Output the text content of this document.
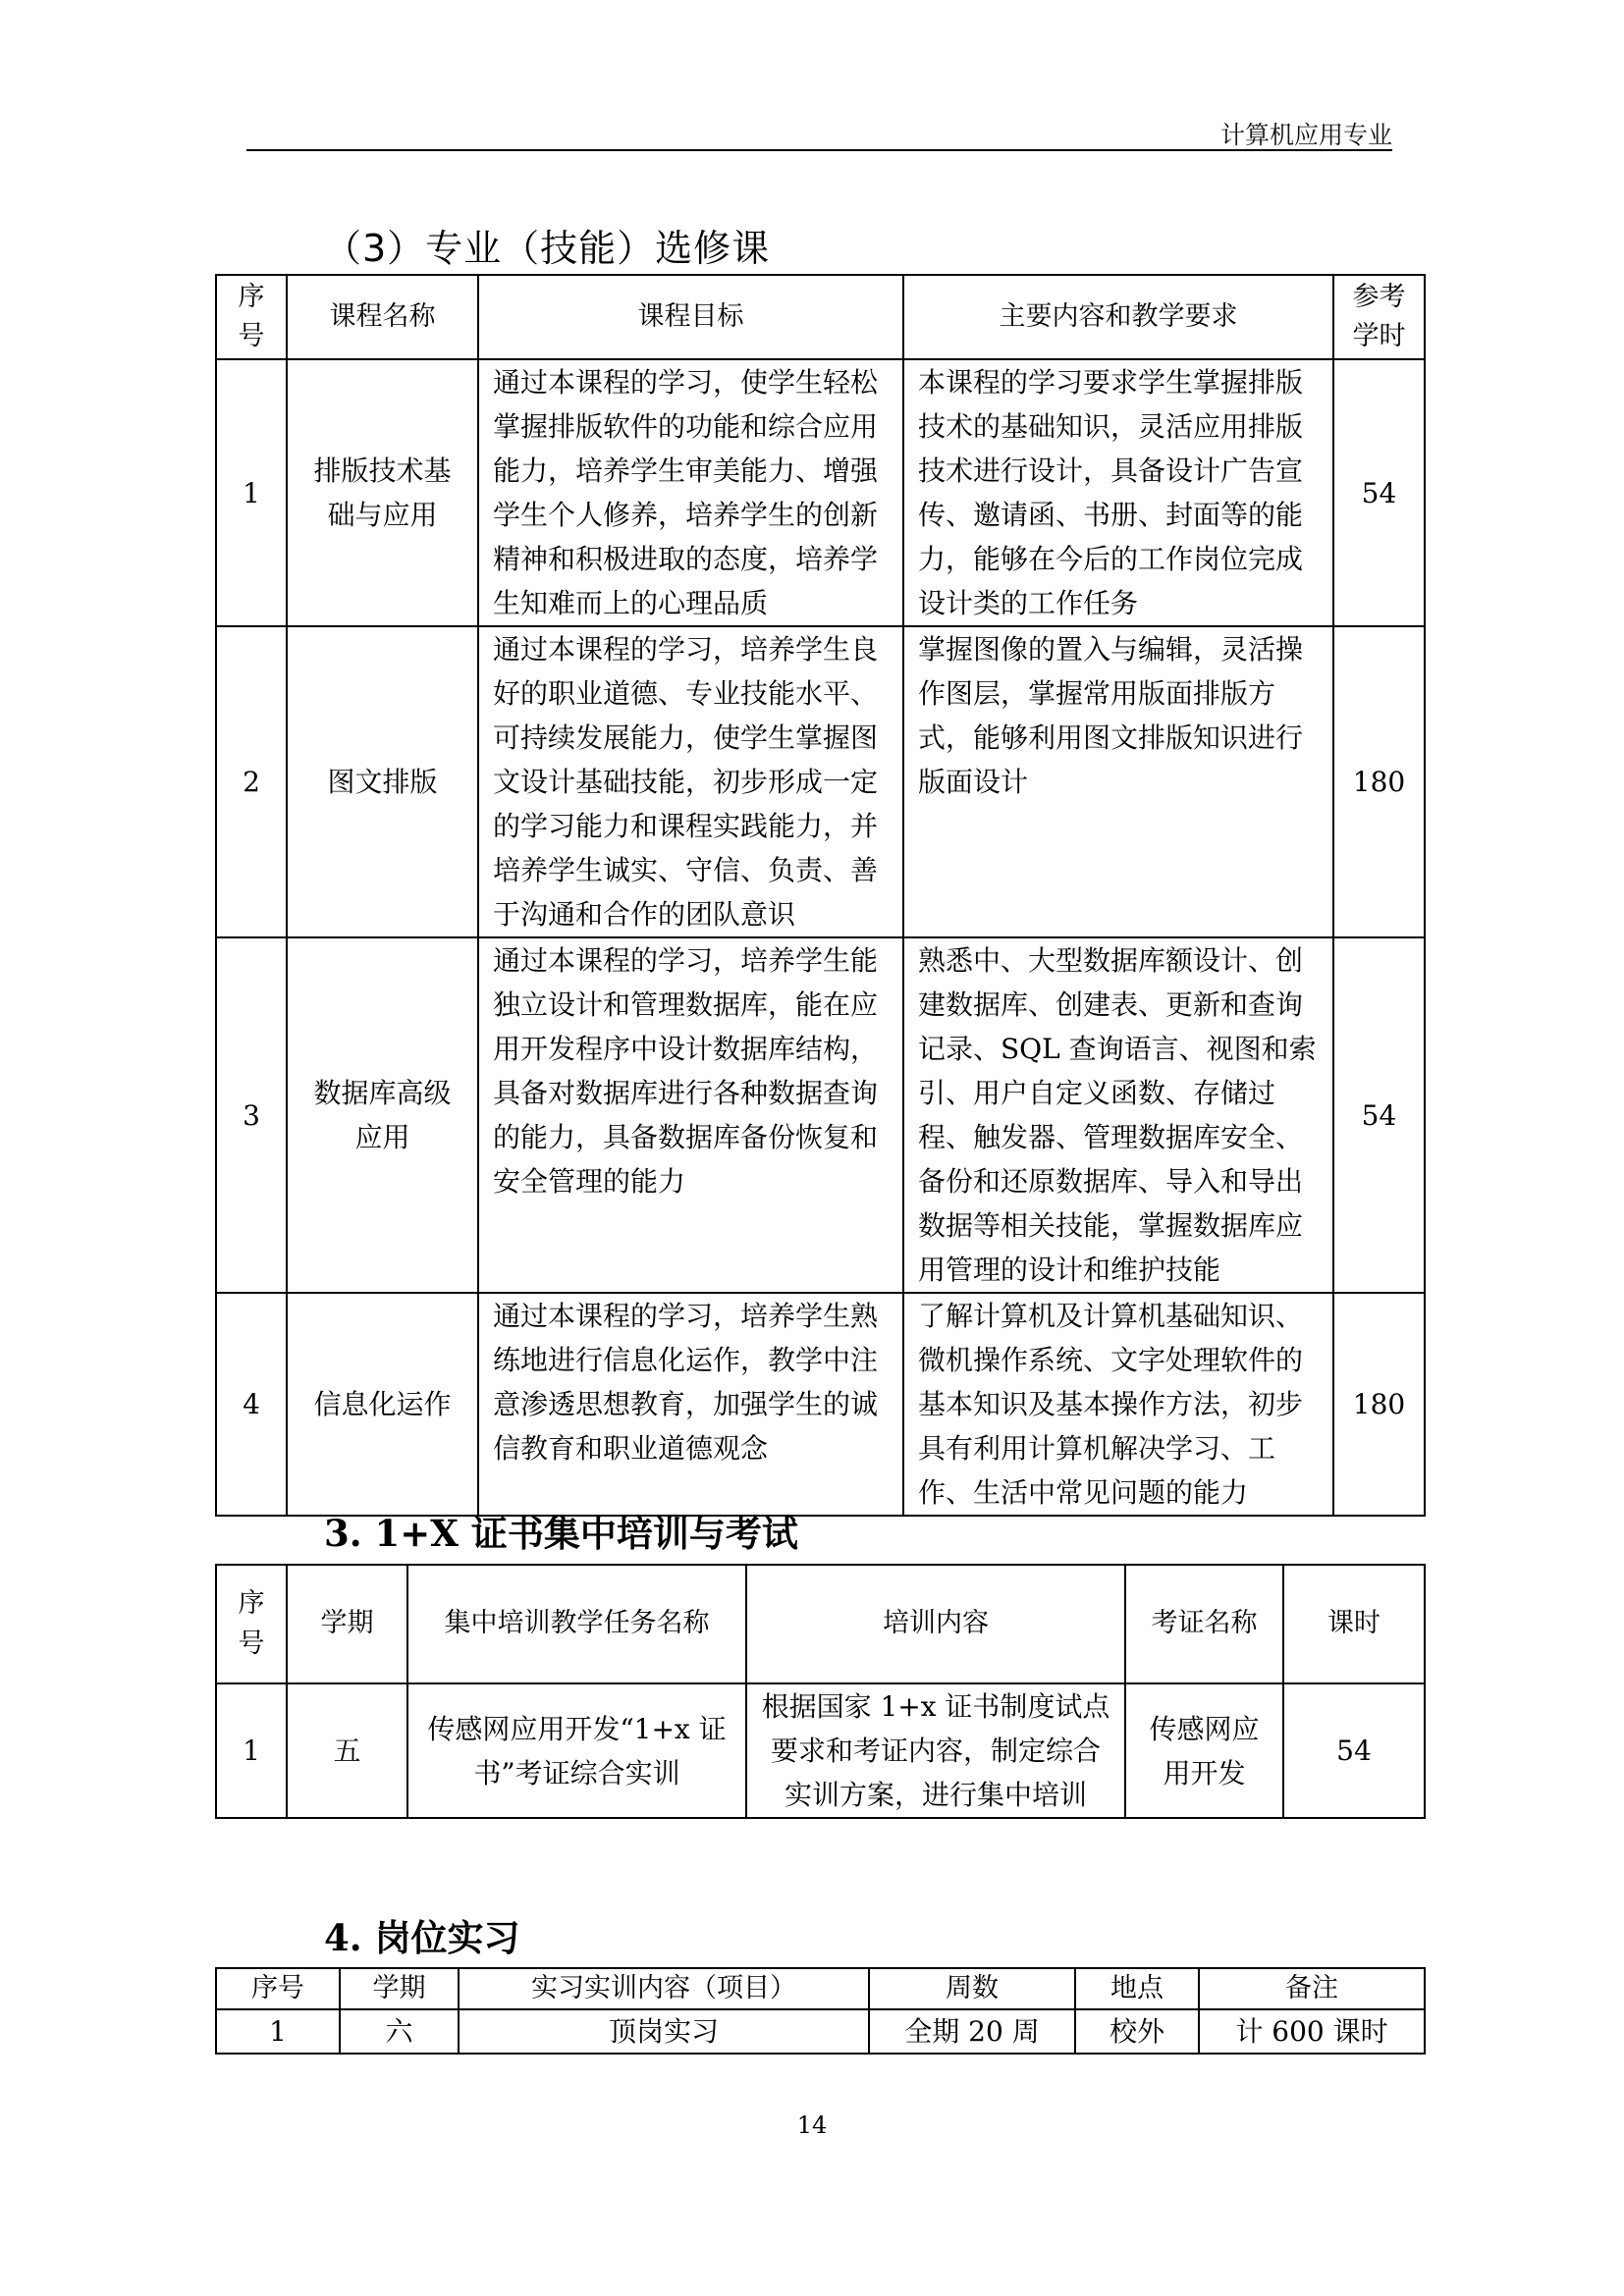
计算机应用专业
（3）专业（技能）选修课
序号	课程名称	课程目标	主要内容和教学要求	参考学时
1	排版技术基础与应用	通过本课程的学习，使学生轻松掌握排版软件的功能和综合应用能力，培养学生审美能力、增强学生个人修养，培养学生的创新精神和积极进取的态度，培养学生知难而上的心理品质	本课程的学习要求学生掌握排版技术的基础知识，灵活应用排版技术进行设计，具备设计广告宣传、邀请函、书册、封面等的能力，能够在今后的工作岗位完成设计类的工作任务	54
2	图文排版	通过本课程的学习，培养学生良好的职业道德、专业技能水平、可持续发展能力，使学生掌握图文设计基础技能，初步形成一定的学习能力和课程实践能力，并培养学生诚实、守信、负责、善于沟通和合作的团队意识	掌握图像的置入与编辑，灵活操作图层，掌握常用版面排版方式，能够利用图文排版知识进行版面设计	180
3	数据库高级应用	通过本课程的学习，培养学生能独立设计和管理数据库，能在应用开发程序中设计数据库结构，具备对数据库进行各种数据查询的能力，具备数据库备份恢复和安全管理的能力	熟悉中、大型数据库额设计、创建数据库、创建表、更新和查询记录、SQL 查询语言、视图和索引、用户自定义函数、存储过程、触发器、管理数据库安全、备份和还原数据库、导入和导出数据等相关技能，掌握数据库应用管理的设计和维护技能	54
4	信息化运作	通过本课程的学习，培养学生熟练地进行信息化运作，教学中注意渗透思想教育，加强学生的诚信教育和职业道德观念	了解计算机及计算机基础知识、微机操作系统、文字处理软件的基本知识及基本操作方法，初步具有利用计算机解决学习、工作、生活中常见问题的能力	180
3. 1+X 证书集中培训与考试
序号	学期	集中培训教学任务名称	培训内容	考证名称	课时
1	五	传感网应用开发“1+x 证书”考证综合实训	根据国家 1+x 证书制度试点要求和考证内容，制定综合实训方案，进行集中培训	传感网应用开发	54
4. 岗位实习
序号	学期	实习实训内容（项目）	周数	地点	备注
1	六	顶岗实习	全期 20 周	校外	计 600 课时
14
